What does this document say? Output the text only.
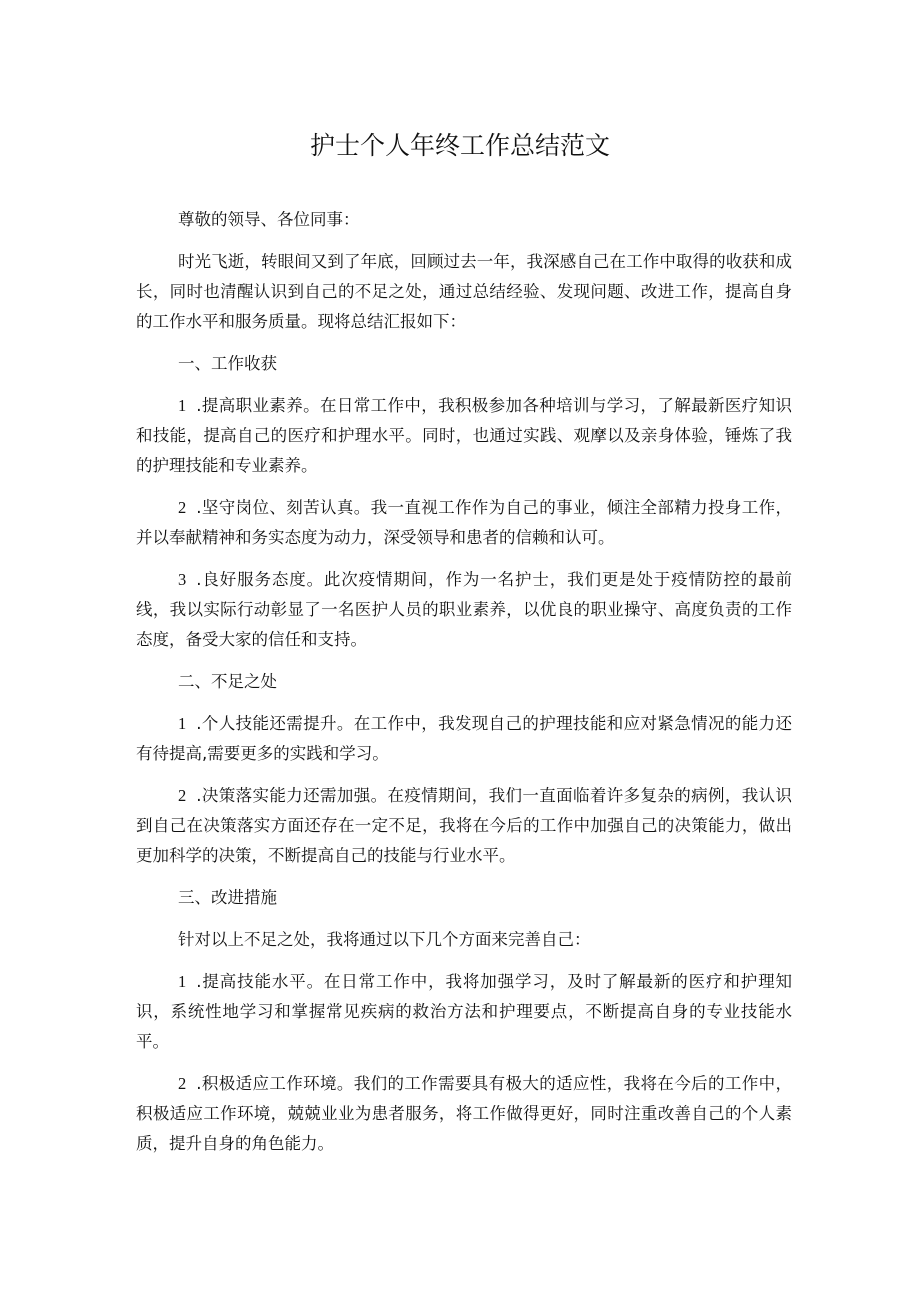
护士个人年终工作总结范文

尊敬的领导、各位同事：

时光飞逝，转眼间又到了年底，回顾过去一年，我深感自己在工作中取得的收获和成长，同时也清醒认识到自己的不足之处，通过总结经验、发现问题、改进工作，提高自身的工作水平和服务质量。现将总结汇报如下：

一、工作收获

1 .提高职业素养。在日常工作中，我积极参加各种培训与学习，了解最新医疗知识和技能，提高自己的医疗和护理水平。同时，也通过实践、观摩以及亲身体验，锤炼了我的护理技能和专业素养。

2 .坚守岗位、刻苦认真。我一直视工作作为自己的事业，倾注全部精力投身工作，并以奉献精神和务实态度为动力，深受领导和患者的信赖和认可。

3 .良好服务态度。此次疫情期间，作为一名护士，我们更是处于疫情防控的最前线，我以实际行动彰显了一名医护人员的职业素养，以优良的职业操守、高度负责的工作态度，备受大家的信任和支持。

二、不足之处

1 .个人技能还需提升。在工作中，我发现自己的护理技能和应对紧急情况的能力还有待提高,需要更多的实践和学习。

2 .决策落实能力还需加强。在疫情期间，我们一直面临着许多复杂的病例，我认识到自己在决策落实方面还存在一定不足，我将在今后的工作中加强自己的决策能力，做出更加科学的决策，不断提高自己的技能与行业水平。

三、改进措施

针对以上不足之处，我将通过以下几个方面来完善自己：

1 .提高技能水平。在日常工作中，我将加强学习，及时了解最新的医疗和护理知识，系统性地学习和掌握常见疾病的救治方法和护理要点，不断提高自身的专业技能水平。

2 .积极适应工作环境。我们的工作需要具有极大的适应性，我将在今后的工作中，积极适应工作环境，兢兢业业为患者服务，将工作做得更好，同时注重改善自己的个人素质，提升自身的角色能力。
